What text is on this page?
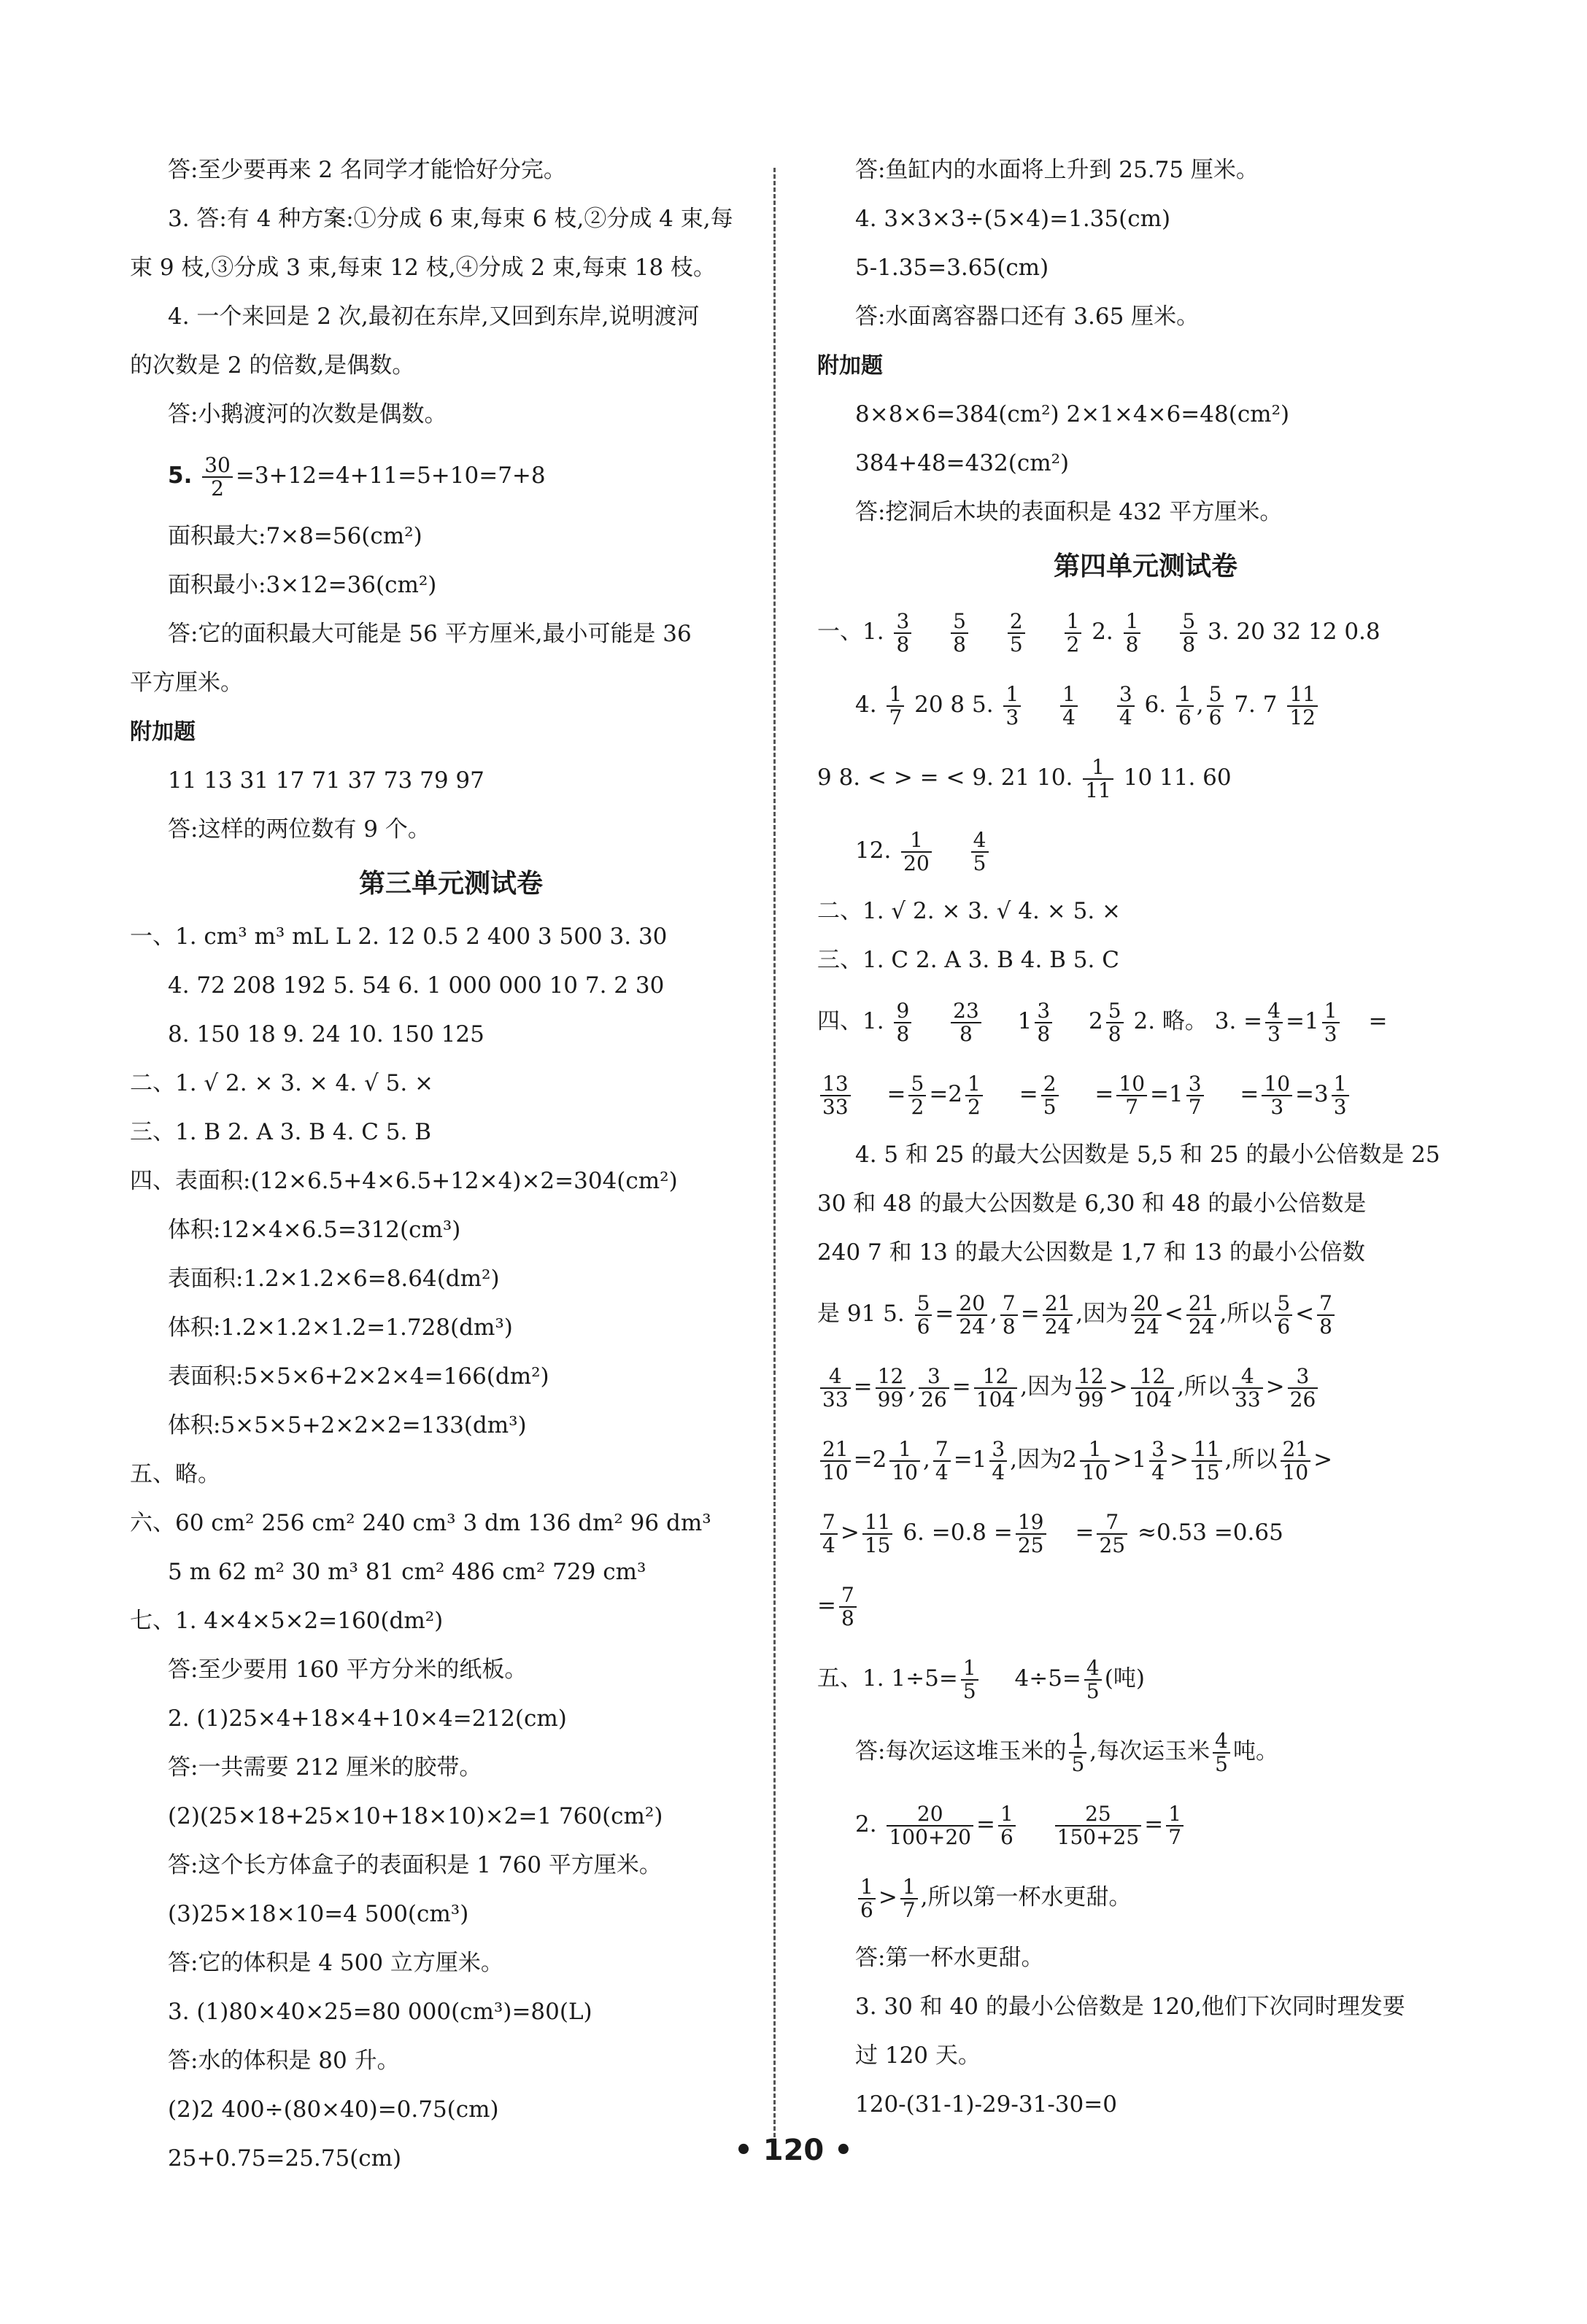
答:至少要再来 2 名同学才能恰好分完。
3. 答:有 4 种方案:①分成 6 束,每束 6 枝,②分成 4 束,每
束 9 枝,③分成 3 束,每束 12 枝,④分成 2 束,每束 18 枝。
4. 一个来回是 2 次,最初在东岸,又回到东岸,说明渡河
的次数是 2 的倍数,是偶数。
答:小鹅渡河的次数是偶数。
5. $\frac{30}{2} =3+12=4+11=5+10=7+8$
面积最大:7×8=56(cm²)
面积最小:3×12=36(cm²)
答:它的面积最大可能是 56 平方厘米,最小可能是 36
平方厘米。
附加题
11 13 31 17 71 37 73 79 97
答:这样的两位数有 9 个。
第三单元测试卷
一、1. cm³ m³ mL L 2. 12 0.5 2 400 3 500 3. 30
4. 72 208 192 5. 54 6. 1 000 000 10 7. 2 30
8. 150 18 9. 24 10. 150 125
二、1. √ 2. × 3. × 4. √ 5. ×
三、1. B 2. A 3. B 4. C 5. B
四、表面积:(12×6.5+4×6.5+12×4)×2=304(cm²)
体积:12×4×6.5=312(cm³)
表面积:1.2×1.2×6=8.64(dm²)
体积:1.2×1.2×1.2=1.728(dm³)
表面积:5×5×6+2×2×4=166(dm²)
体积:5×5×5+2×2×2=133(dm³)
五、略。
六、60 cm² 256 cm² 240 cm³ 3 dm 136 dm² 96 dm³
5 m 62 m² 30 m³ 81 cm² 486 cm² 729 cm³
七、1. 4×4×5×2=160(dm²)
答:至少要用 160 平方分米的纸板。
2. (1)25×4+18×4+10×4=212(cm)
答:一共需要 212 厘米的胶带。
(2)(25×18+25×10+18×10)×2=1 760(cm²)
答:这个长方体盒子的表面积是 1 760 平方厘米。
(3)25×18×10=4 500(cm³)
答:它的体积是 4 500 立方厘米。
3. (1)80×40×25=80 000(cm³)=80(L)
答:水的体积是 80 升。
(2)2 400÷(80×40)=0.75(cm)
25+0.75=25.75(cm)
答:鱼缸内的水面将上升到 25.75 厘米。
4. 3×3×3÷(5×4)=1.35(cm)
5-1.35=3.65(cm)
答:水面离容器口还有 3.65 厘米。
附加题
8×8×6=384(cm²) 2×1×4×6=48(cm²)
384+48=432(cm²)
答:挖洞后木块的表面积是 432 平方厘米。
第四单元测试卷
一、1. $\frac{3}{8}$
$\frac{5}{8}$
$\frac{2}{5}$
$\frac{1}{2} 2$. $\frac{1}{8}$
$\frac{5}{8} 3$. 20 32 12 0.8
4. $\frac{1}{7} 20$ 8 5. $\frac{1}{3}$
$\frac{1}{4}$
$\frac{3}{4} 6$. $\frac{1}{6}$ , $\frac{5}{6} 7$. $7 \frac{11}{12}$
9 8. < > = < 9. 21 10. $\frac{1}{11} 10$ 11. 60
12. $\frac{1}{20}$
$\frac{4}{5}$
二、1. √ 2. × 3. √ 4. × 5. ×
三、1. C 2. A 3. B 4. B 5. C
四、1. $\frac{9}{8}$
$\frac{23}{8} 1 \frac{3}{8} 2 \frac{5}{8} 2$. 略。 3. = $\frac{4}{3} =1 \frac{1}{3}$ =
$\frac{13}{33} = \frac{5}{2} =2 \frac{1}{2} = \frac{2}{5} = \frac{10}{7} =1 \frac{3}{7} = \frac{10}{3} =3 \frac{1}{3}$
4. 5 和 25 的最大公因数是 5,5 和 25 的最小公倍数是 25
30 和 48 的最大公因数是 6,30 和 48 的最小公倍数是
240 7 和 13 的最大公因数是 1,7 和 13 的最小公倍数
是 91 5. $\frac{5}{6} = \frac{20}{24}$ , $\frac{7}{8} = \frac{21}{24}$ ,因为 $\frac{20}{24} < \frac{21}{24}$ ,所以 $\frac{5}{6} < \frac{7}{8}$
$\frac{4}{33} = \frac{12}{99}$ , $\frac{3}{26} = \frac{12}{104}$ ,因为 $\frac{12}{99} > \frac{12}{104}$ ,所以 $\frac{4}{33} > \frac{3}{26}$
$\frac{21}{10} =2 \frac{1}{10}$ , $\frac{7}{4} =1 \frac{3}{4}$ ,因为$2 \frac{1}{10} >1 \frac{3}{4} > \frac{11}{15}$ ,所以 $\frac{21}{10}$ >
$\frac{7}{4} > \frac{11}{15} 6$. $=0.8 = \frac{19}{25} = \frac{7}{25} \approx 0.53 =0.65$
= $\frac{7}{8}$
五、1. $1\div 5= \frac{1}{5} 4\div 5= \frac{4}{5}$ (吨)
答:每次运这堆玉米的 $\frac{1}{5}$ ,每次运玉米 $\frac{4}{5}$ 吨。
2. $\frac{20}{100+20} = \frac{1}{6}$
$\frac{25}{150+25} = \frac{1}{7}$
$\frac{1}{6} > \frac{1}{7}$ ,所以第一杯水更甜。
答:第一杯水更甜。
3. 30 和 40 的最小公倍数是 120,他们下次同时理发要
过 120 天。
120-(31-1)-29-31-30=0
• 120 •
